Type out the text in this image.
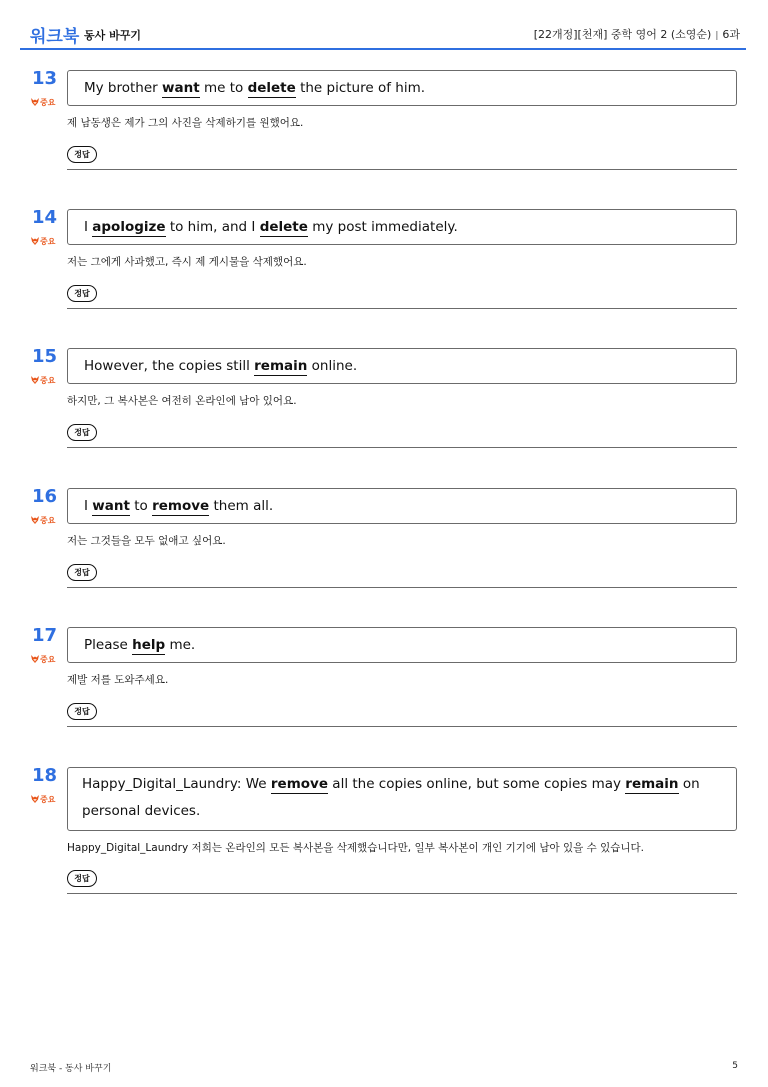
워크북 동사 바꾸기	[22개정][천재] 중학 영어 2 (소영순) | 6과
13
중요
My brother want me to delete the picture of him.
제 남동생은 제가 그의 사진을 삭제하기를 원했어요.
정답
14
중요
I apologize to him, and I delete my post immediately.
저는 그에게 사과했고, 즉시 제 게시물을 삭제했어요.
정답
15
중요
However, the copies still remain online.
하지만, 그 복사본은 여전히 온라인에 남아 있어요.
정답
16
중요
I want to remove them all.
저는 그것들을 모두 없애고 싶어요.
정답
17
중요
Please help me.
제발 저를 도와주세요.
정답
18
중요
Happy_Digital_Laundry: We remove all the copies online, but some copies may remain on personal devices.
Happy_Digital_Laundry 저희는 온라인의 모든 복사본을 삭제했습니다만, 일부 복사본이 개인 기기에 남아 있을 수 있습니다.
정답
워크북 - 동사 바꾸기	5
